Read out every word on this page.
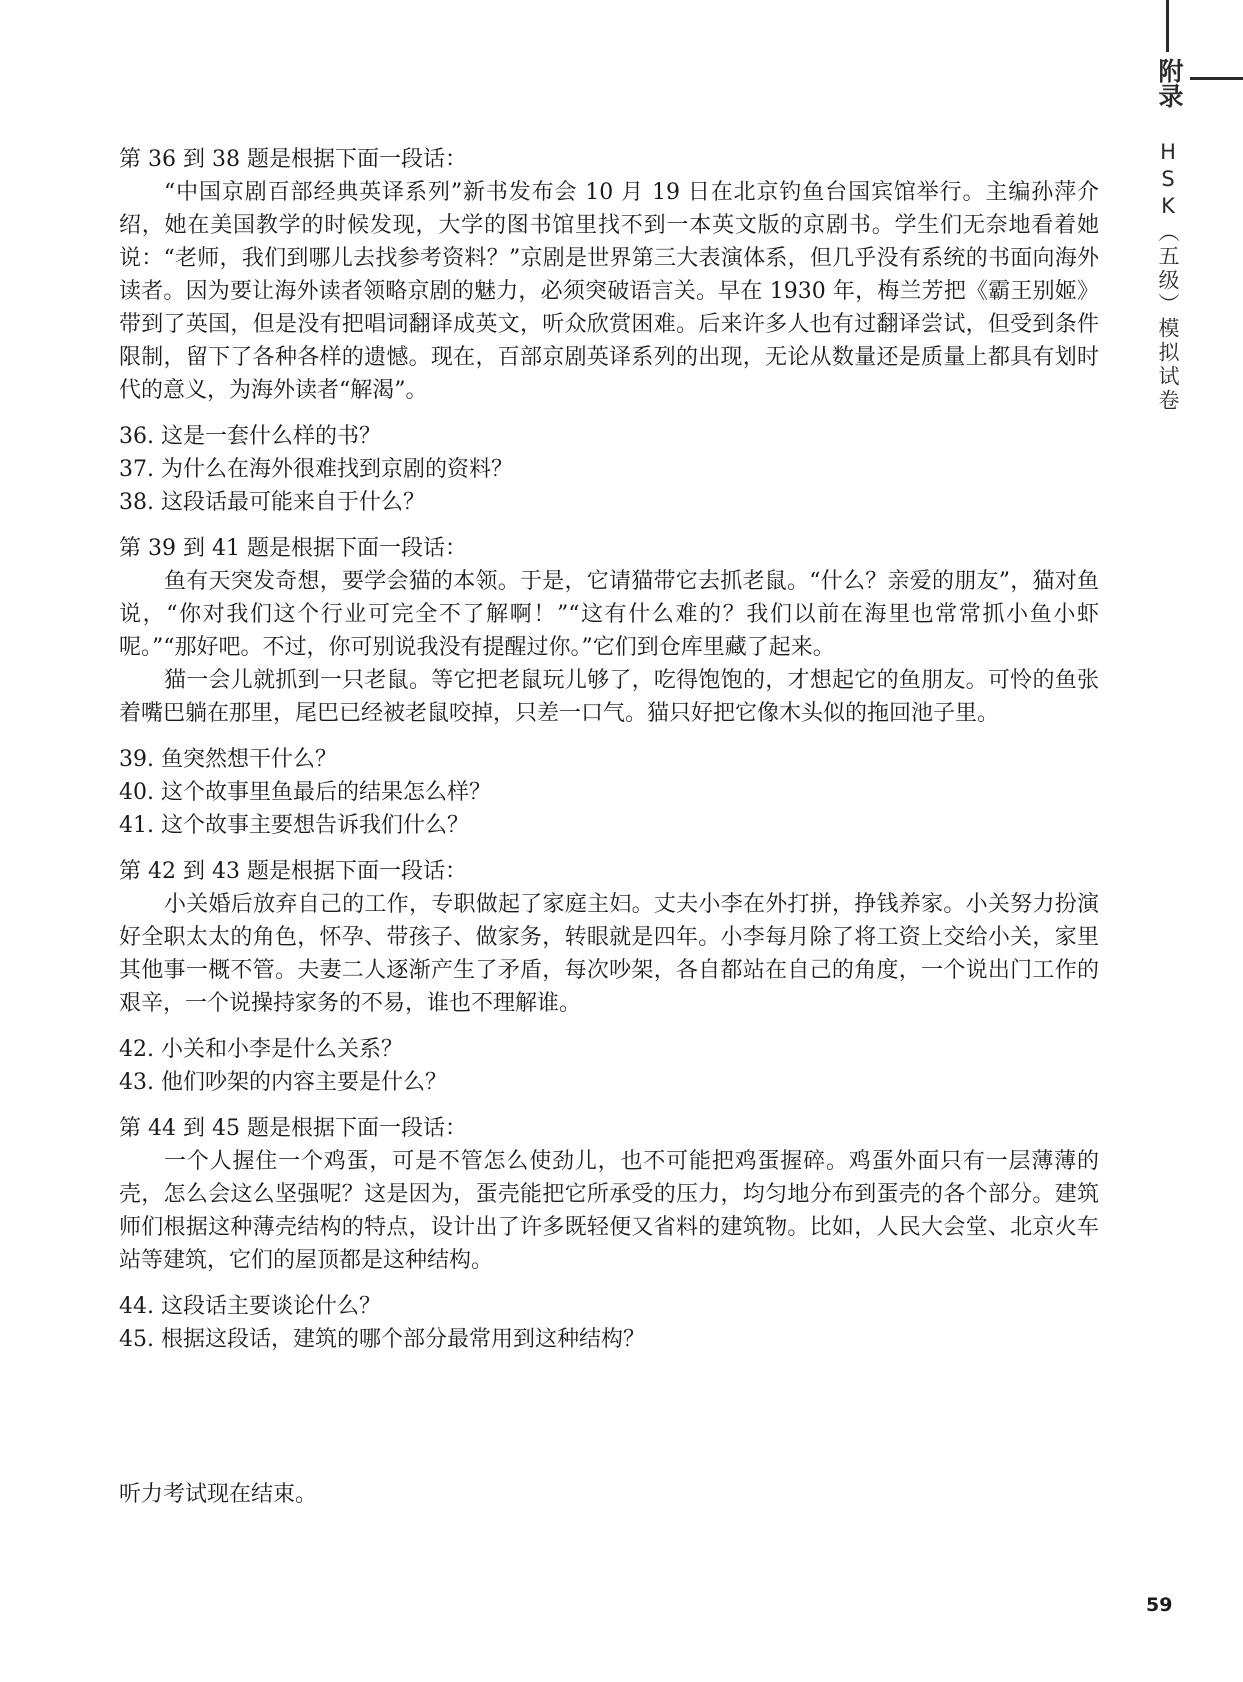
附录
HSK（五级）模拟试卷

第 36 到 38 题是根据下面一段话：

“中国京剧百部经典英译系列”新书发布会 10 月 19 日在北京钓鱼台国宾馆举行。主编孙萍介绍，她在美国教学的时候发现，大学的图书馆里找不到一本英文版的京剧书。学生们无奈地看着她说：“老师，我们到哪儿去找参考资料？”京剧是世界第三大表演体系，但几乎没有系统的书面向海外读者。因为要让海外读者领略京剧的魅力，必须突破语言关。早在 1930 年，梅兰芳把《霸王别姬》带到了英国，但是没有把唱词翻译成英文，听众欣赏困难。后来许多人也有过翻译尝试，但受到条件限制，留下了各种各样的遗憾。现在，百部京剧英译系列的出现，无论从数量还是质量上都具有划时代的意义，为海外读者“解渴”。

36. 这是一套什么样的书？

37. 为什么在海外很难找到京剧的资料？

38. 这段话最可能来自于什么？

第 39 到 41 题是根据下面一段话：

鱼有天突发奇想，要学会猫的本领。于是，它请猫带它去抓老鼠。“什么？亲爱的朋友”，猫对鱼说，“你对我们这个行业可完全不了解啊！”“这有什么难的？我们以前在海里也常常抓小鱼小虾呢。”“那好吧。不过，你可别说我没有提醒过你。”它们到仓库里藏了起来。

猫一会儿就抓到一只老鼠。等它把老鼠玩儿够了，吃得饱饱的，才想起它的鱼朋友。可怜的鱼张着嘴巴躺在那里，尾巴已经被老鼠咬掉，只差一口气。猫只好把它像木头似的拖回池子里。

39. 鱼突然想干什么？

40. 这个故事里鱼最后的结果怎么样？

41. 这个故事主要想告诉我们什么？

第 42 到 43 题是根据下面一段话：

小关婚后放弃自己的工作，专职做起了家庭主妇。丈夫小李在外打拼，挣钱养家。小关努力扮演好全职太太的角色，怀孕、带孩子、做家务，转眼就是四年。小李每月除了将工资上交给小关，家里其他事一概不管。夫妻二人逐渐产生了矛盾，每次吵架，各自都站在自己的角度，一个说出门工作的艰辛，一个说操持家务的不易，谁也不理解谁。

42. 小关和小李是什么关系？

43. 他们吵架的内容主要是什么？

第 44 到 45 题是根据下面一段话：

一个人握住一个鸡蛋，可是不管怎么使劲儿，也不可能把鸡蛋握碎。鸡蛋外面只有一层薄薄的壳，怎么会这么坚强呢？这是因为，蛋壳能把它所承受的压力，均匀地分布到蛋壳的各个部分。建筑师们根据这种薄壳结构的特点，设计出了许多既轻便又省料的建筑物。比如，人民大会堂、北京火车站等建筑，它们的屋顶都是这种结构。

44. 这段话主要谈论什么？

45. 根据这段话，建筑的哪个部分最常用到这种结构？

听力考试现在结束。
59
